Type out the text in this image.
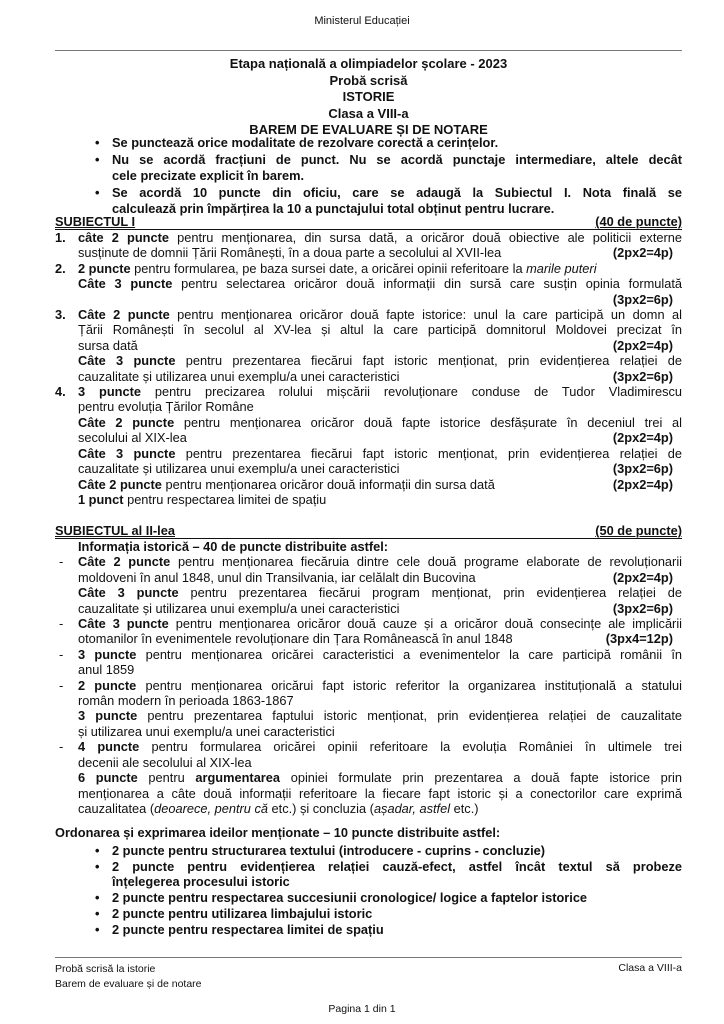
Ministerul Educației
Etapa națională a olimpiadelor școlare - 2023
Probă scrisă
ISTORIE
Clasa a VIII-a
BAREM DE EVALUARE ȘI DE NOTARE
• Se punctează orice modalitate de rezolvare corectă a cerințelor.
• Nu se acordă fracțiuni de punct. Nu se acordă punctaje intermediare, altele decât
cele precizate explicit în barem.
• Se acordă 10 puncte din oficiu, care se adaugă la Subiectul I. Nota finală se
calculează prin împărțirea la 10 a punctajului total obținut pentru lucrare.
SUBIECTUL I	(40 de puncte)
1. câte 2 puncte pentru menționarea, din sursa dată, a oricăror două obiective ale politicii externe
susținute de domnii Țării Românești, în a doua parte a secolului al XVII-lea	(2px2=4p)
2. 2 puncte pentru formularea, pe baza sursei date, a oricărei opinii referitoare la marile puteri
Câte 3 puncte pentru selectarea oricăror două informații din sursă care susțin opinia formulată
(3px2=6p)
3. Câte 2 puncte pentru menționarea oricăror două fapte istorice: unul la care participă un domn al
Țării Românești în secolul al XV-lea și altul la care participă domnitorul Moldovei precizat în
sursa dată	(2px2=4p)
Câte 3 puncte pentru prezentarea fiecărui fapt istoric menționat, prin evidențierea relației de
cauzalitate și utilizarea unui exemplu/a unei caracteristici	(3px2=6p)
4. 3 puncte pentru precizarea rolului mișcării revoluționare conduse de Tudor Vladimirescu
pentru evoluția Țărilor Române
Câte 2 puncte pentru menționarea oricăror două fapte istorice desfășurate în deceniul trei al
secolului al XIX-lea	(2px2=4p)
Câte 3 puncte pentru prezentarea fiecărui fapt istoric menționat, prin evidențierea relației de
cauzalitate și utilizarea unui exemplu/a unei caracteristici	(3px2=6p)
Câte 2 puncte pentru menționarea oricăror două informații din sursa dată	(2px2=4p)
1 punct pentru respectarea limitei de spațiu
SUBIECTUL al II-lea	(50 de puncte)
Informația istorică – 40 de puncte distribuite astfel:
- Câte 2 puncte pentru menționarea fiecăruia dintre cele două programe elaborate de revoluționarii
moldoveni în anul 1848, unul din Transilvania, iar celălalt din Bucovina	(2px2=4p)
Câte 3 puncte pentru prezentarea fiecărui program menționat, prin evidențierea relației de
cauzalitate și utilizarea unui exemplu/a unei caracteristici	(3px2=6p)
- Câte 3 puncte pentru menționarea oricăror două cauze și a oricăror două consecințe ale implicării
otomanilor în evenimentele revoluționare din Țara Românească în anul 1848	(3px4=12p)
- 3 puncte pentru menționarea oricărei caracteristici a evenimentelor la care participă românii în
anul 1859
- 2 puncte pentru menționarea oricărui fapt istoric referitor la organizarea instituțională a statului
român modern în perioada 1863-1867
3 puncte pentru prezentarea faptului istoric menționat, prin evidențierea relației de cauzalitate
și utilizarea unui exemplu/a unei caracteristici
- 4 puncte pentru formularea oricărei opinii referitoare la evoluția României în ultimele trei
decenii ale secolului al XIX-lea
6 puncte pentru argumentarea opiniei formulate prin prezentarea a două fapte istorice prin
menționarea a câte două informații referitoare la fiecare fapt istoric și a conectorilor care exprimă
cauzalitatea (deoarece, pentru că etc.) și concluzia (așadar, astfel etc.)
Ordonarea și exprimarea ideilor menționate – 10 puncte distribuite astfel:
• 2 puncte pentru structurarea textului (introducere - cuprins - concluzie)
• 2 puncte pentru evidențierea relației cauză-efect, astfel încât textul să probeze
înțelegerea procesului istoric
• 2 puncte pentru respectarea succesiunii cronologice/ logice a faptelor istorice
• 2 puncte pentru utilizarea limbajului istoric
• 2 puncte pentru respectarea limitei de spațiu
Probă scrisă la istorie
Barem de evaluare și de notare
Clasa a VIII-a
Pagina 1 din 1
